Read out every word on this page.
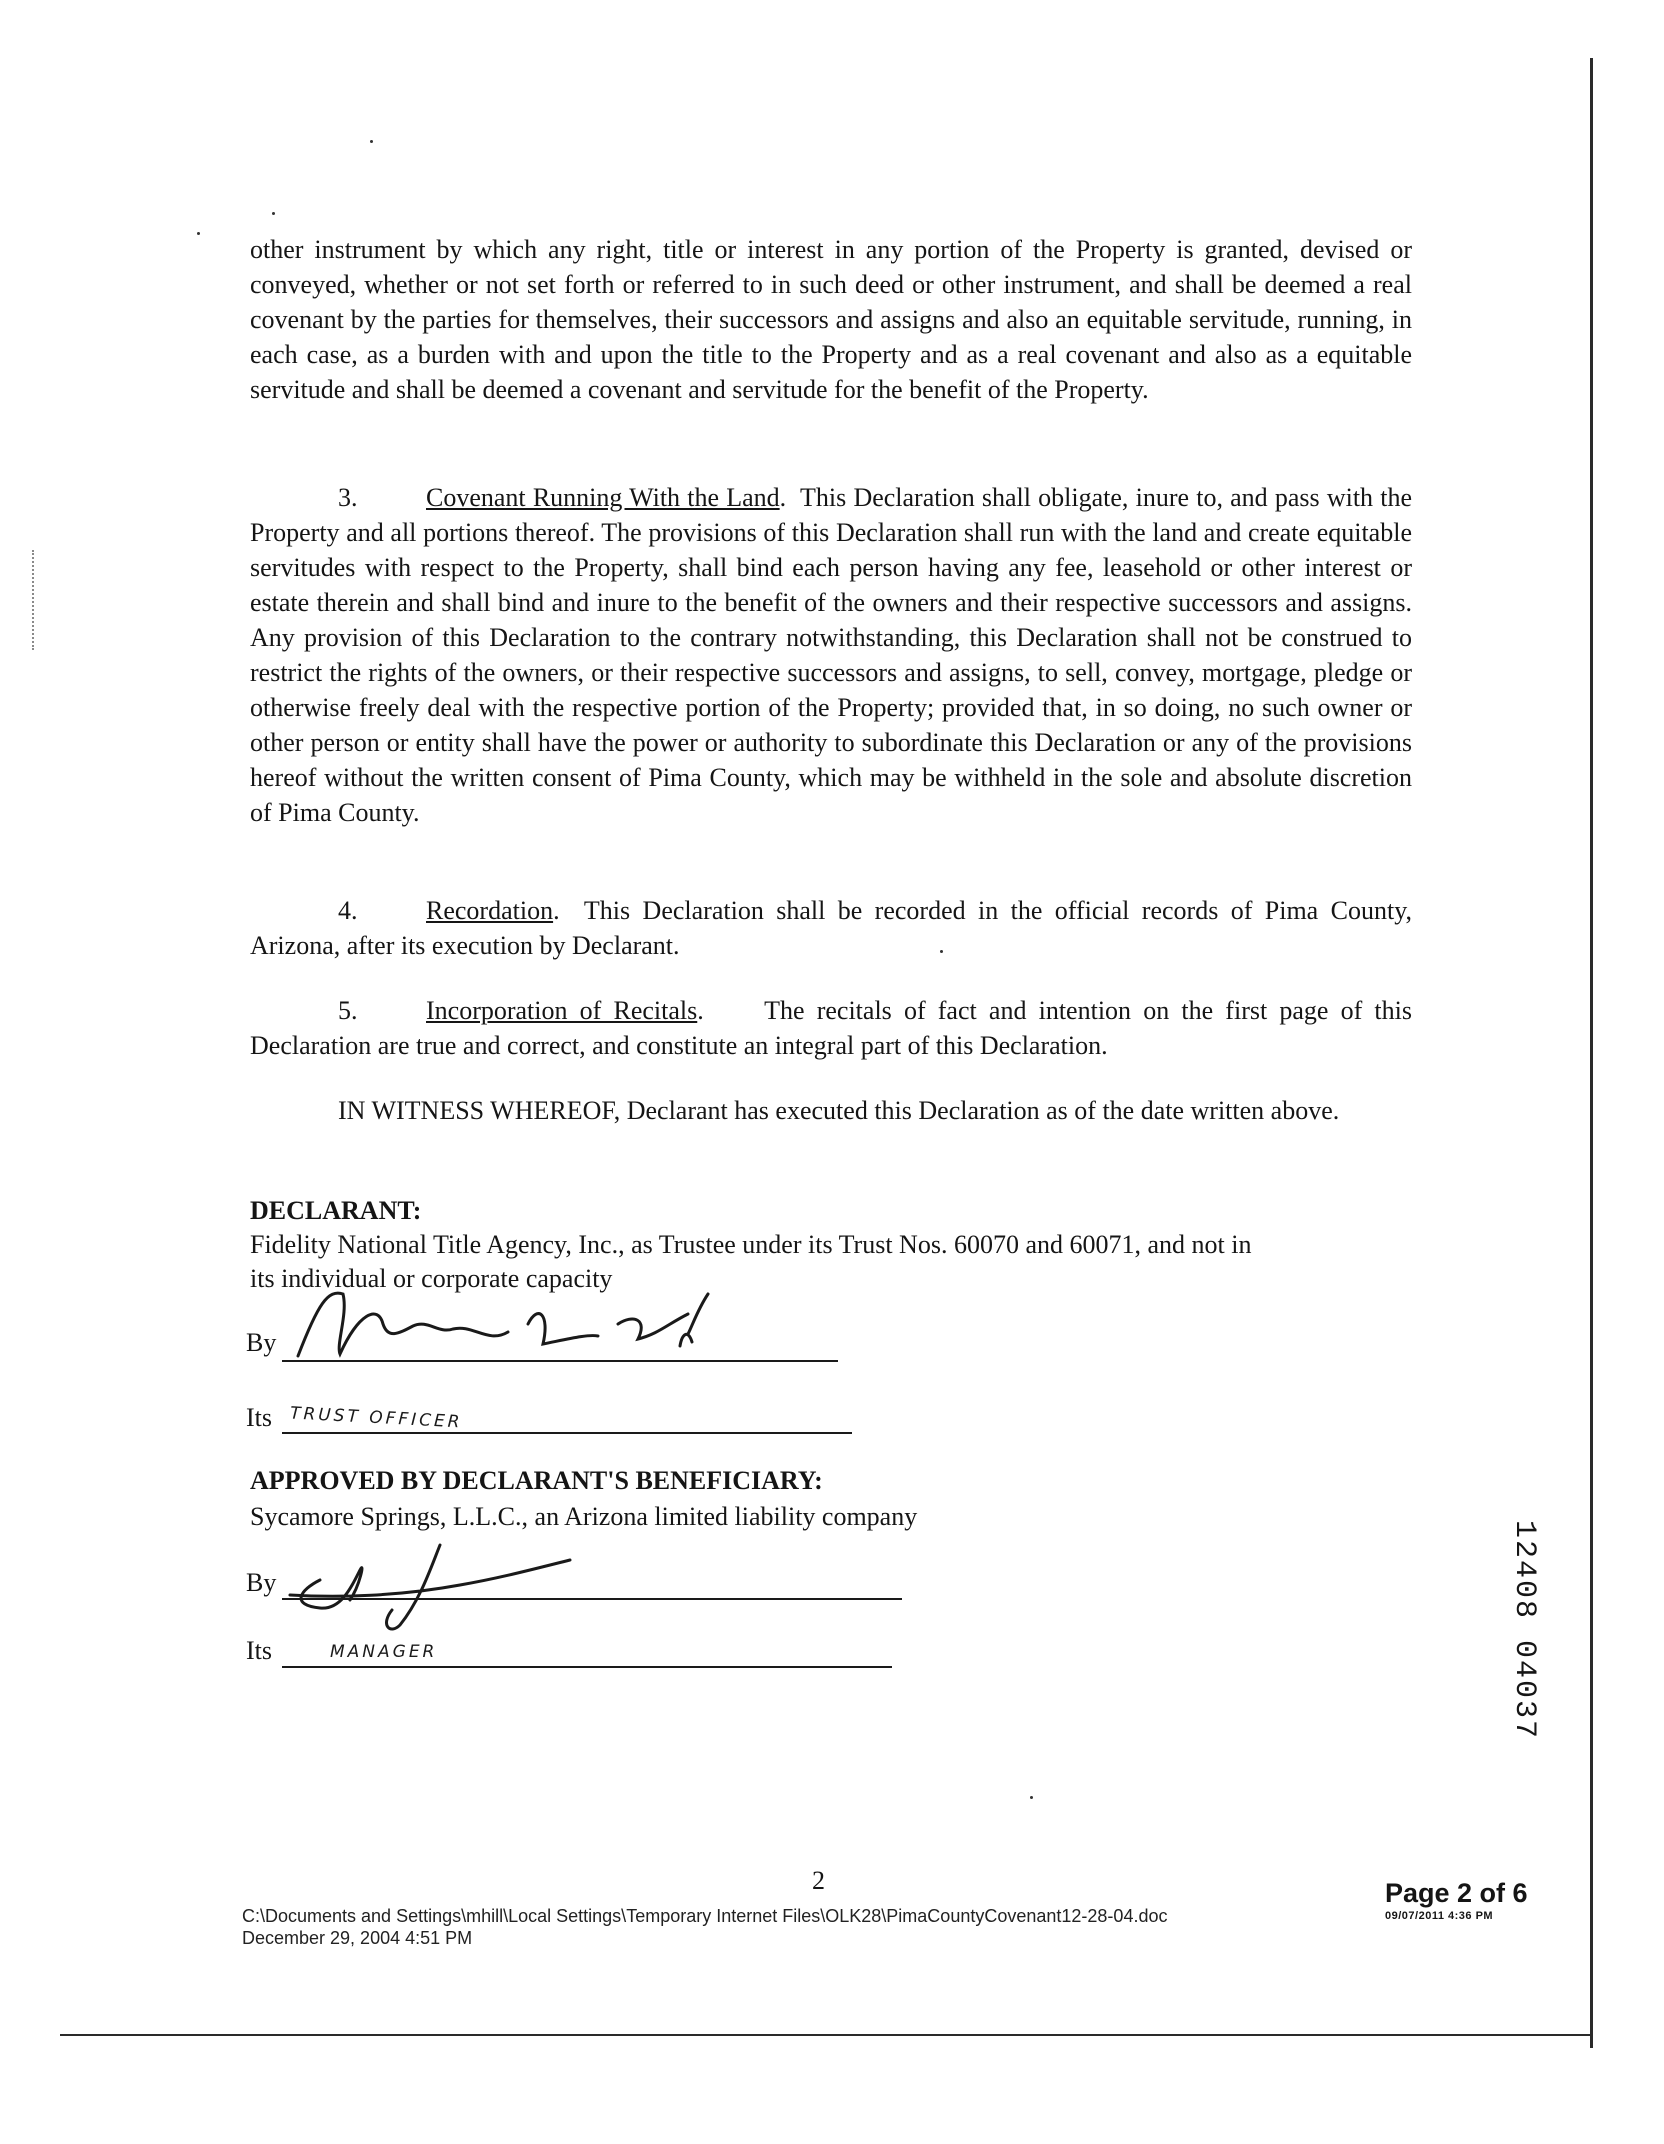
other instrument by which any right, title or interest in any portion of the Property is granted, devised or conveyed, whether or not set forth or referred to in such deed or other instrument, and shall be deemed a real covenant by the parties for themselves, their successors and assigns and also an equitable servitude, running, in each case, as a burden with and upon the title to the Property and as a real covenant and also as a equitable servitude and shall be deemed a covenant and servitude for the benefit of the Property.

3.	Covenant Running With the Land.  This Declaration shall obligate, inure to, and pass with the Property and all portions thereof. The provisions of this Declaration shall run with the land and create equitable servitudes with respect to the Property, shall bind each person having any fee, leasehold or other interest or estate therein and shall bind and inure to the benefit of the owners and their respective successors and assigns. Any provision of this Declaration to the contrary notwithstanding, this Declaration shall not be construed to restrict the rights of the owners, or their respective successors and assigns, to sell, convey, mortgage, pledge or otherwise freely deal with the respective portion of the Property; provided that, in so doing, no such owner or other person or entity shall have the power or authority to subordinate this Declaration or any of the provisions hereof without the written consent of Pima County, which may be withheld in the sole and absolute discretion of Pima County.

4.	Recordation.  This Declaration shall be recorded in the official records of Pima County, Arizona, after its execution by Declarant.

5.	Incorporation of Recitals.     The recitals of fact and intention on the first page of this Declaration are true and correct, and constitute an integral part of this Declaration.

IN WITNESS WHEREOF, Declarant has executed this Declaration as of the date written above.

DECLARANT:
Fidelity National Title Agency, Inc., as Trustee under its Trust Nos. 60070 and 60071, and not in
its individual or corporate capacity
By
Its TRUST OFFICER
APPROVED BY DECLARANT'S BENEFICIARY:
Sycamore Springs, L.L.C., an Arizona limited liability company
By
Its	MANAGER	12408 04037
2
C:\Documents and Settings\mhill\Local Settings\Temporary Internet Files\OLK28\PimaCountyCovenant12-28-04.doc
December 29, 2004 4:51 PM
Page 2 of 6
09/07/2011 4:36 PM
